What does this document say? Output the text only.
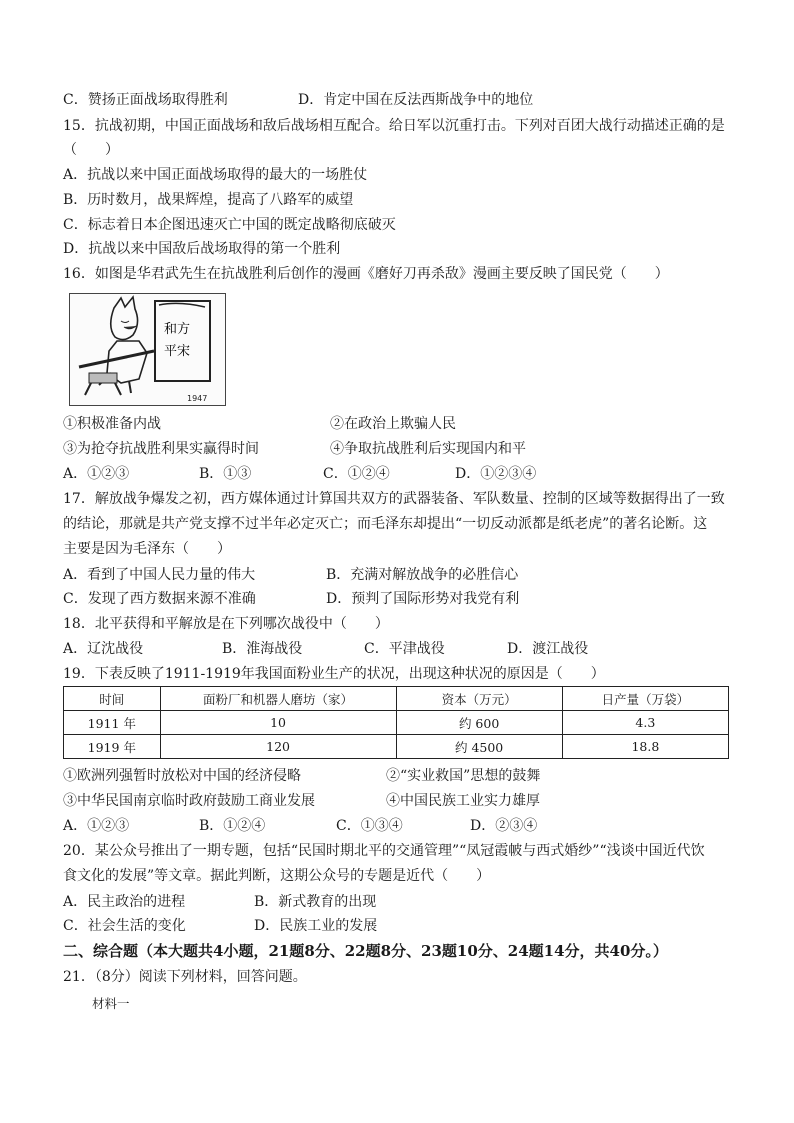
C．赞扬正面战场取得胜利	D．肯定中国在反法西斯战争中的地位
15．抗战初期，中国正面战场和敌后战场相互配合。给日军以沉重打击。下列对百团大战行动描述正确的是
（　　）
A．抗战以来中国正面战场取得的最大的一场胜仗
B．历时数月，战果辉煌，提高了八路军的威望
C．标志着日本企图迅速灭亡中国的既定战略彻底破灭
D．抗战以来中国敌后战场取得的第一个胜利
16．如图是华君武先生在抗战胜利后创作的漫画《磨好刀再杀敌》漫画主要反映了国民党（　　）
①积极准备内战	②在政治上欺骗人民
③为抢夺抗战胜利果实赢得时间	④争取抗战胜利后实现国内和平
A．①②③	B．①③	C．①②④	D．①②③④
17．解放战争爆发之初，西方媒体通过计算国共双方的武器装备、军队数量、控制的区域等数据得出了一致
的结论，那就是共产党支撑不过半年必定灭亡；而毛泽东却提出“一切反动派都是纸老虎”的著名论断。这
主要是因为毛泽东（　　）
A．看到了中国人民力量的伟大	B．充满对解放战争的必胜信心
C．发现了西方数据来源不准确	D．预判了国际形势对我党有利
18．北平获得和平解放是在下列哪次战役中（　　）
A．辽沈战役	B．淮海战役	C．平津战役	D．渡江战役
19．下表反映了1911-1919年我国面粉业生产的状况，出现这种状况的原因是（　　）
①欧洲列强暂时放松对中国的经济侵略	②“实业救国”思想的鼓舞
③中华民国南京临时政府鼓励工商业发展	④中国民族工业实力雄厚
A．①②③	B．①②④	C．①③④	D．②③④
20．某公众号推出了一期专题，包括“民国时期北平的交通管理”“凤冠霞帔与西式婚纱”“浅谈中国近代饮
食文化的发展”等文章。据此判断，这期公众号的专题是近代（　　）
A．民主政治的进程	B．新式教育的出现
C．社会生活的变化	D．民族工业的发展
二、综合题（本大题共4小题，21题8分、22题8分、23题10分、24题14分，共40分。）
21．（8分）阅读下列材料，回答问题。
和方
平宋
1947
时间	面粉厂和机器人磨坊（家）	资本（万元）	日产量（万袋）
1911 年	10	约 600	4.3
1919 年	120	约 4500	18.8
材料一
